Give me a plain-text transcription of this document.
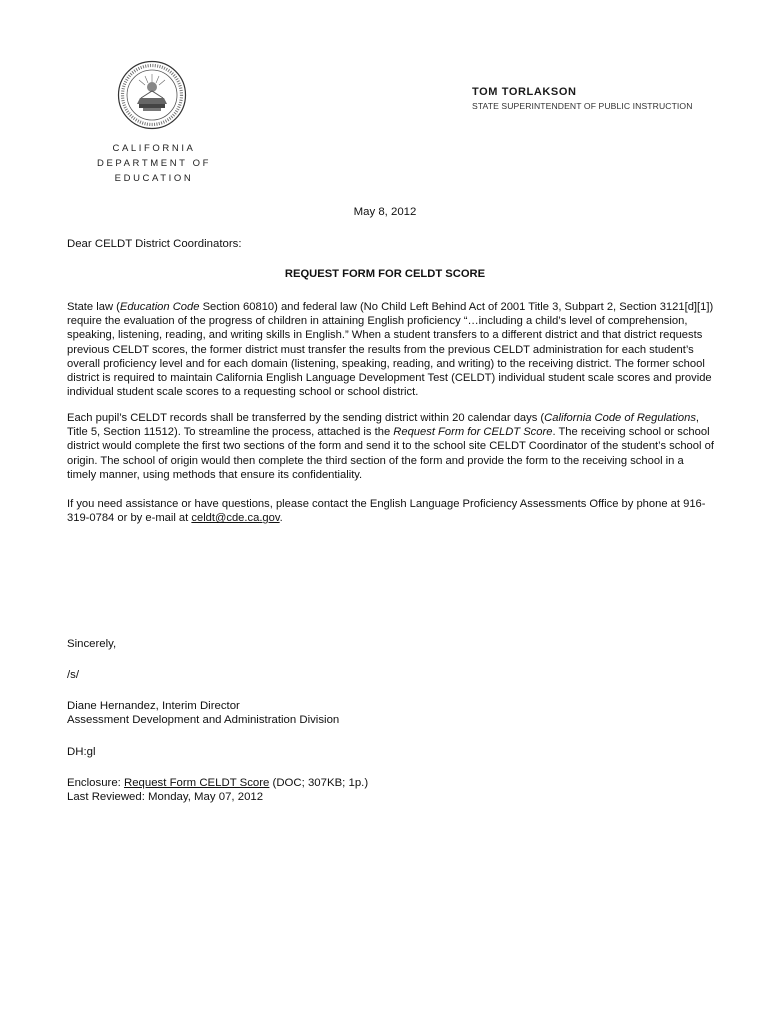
CALIFORNIA
DEPARTMENT OF
EDUCATION
TOM TORLAKSON
STATE SUPERINTENDENT OF PUBLIC INSTRUCTION
May 8, 2012
Dear CELDT District Coordinators:
REQUEST FORM FOR CELDT SCORE
State law (Education Code Section 60810) and federal law (No Child Left Behind Act of 2001 Title 3, Subpart 2, Section 3121[d][1])
require the evaluation of the progress of children in attaining English proficiency “…including a child’s level of comprehension,
speaking, listening, reading, and writing skills in English.” When a student transfers to a different district and that district requests
previous CELDT scores, the former district must transfer the results from the previous CELDT administration for each student’s
overall proficiency level and for each domain (listening, speaking, reading, and writing) to the receiving district. The former school
district is required to maintain California English Language Development Test (CELDT) individual student scale scores and provide
individual student scale scores to a requesting school or school district.
Each pupil’s CELDT records shall be transferred by the sending district within 20 calendar days (California Code of Regulations,
Title 5, Section 11512). To streamline the process, attached is the Request Form for CELDT Score. The receiving school or school
district would complete the first two sections of the form and send it to the school site CELDT Coordinator of the student’s school of
origin. The school of origin would then complete the third section of the form and provide the form to the receiving school in a
timely manner, using methods that ensure its confidentiality.
If you need assistance or have questions, please contact the English Language Proficiency Assessments Office by phone at 916-
319-0784 or by e-mail at celdt@cde.ca.gov.
Sincerely,
/s/
Diane Hernandez, Interim Director
Assessment Development and Administration Division
DH:gl
Enclosure: Request Form CELDT Score (DOC; 307KB; 1p.)
Last Reviewed: Monday, May 07, 2012
